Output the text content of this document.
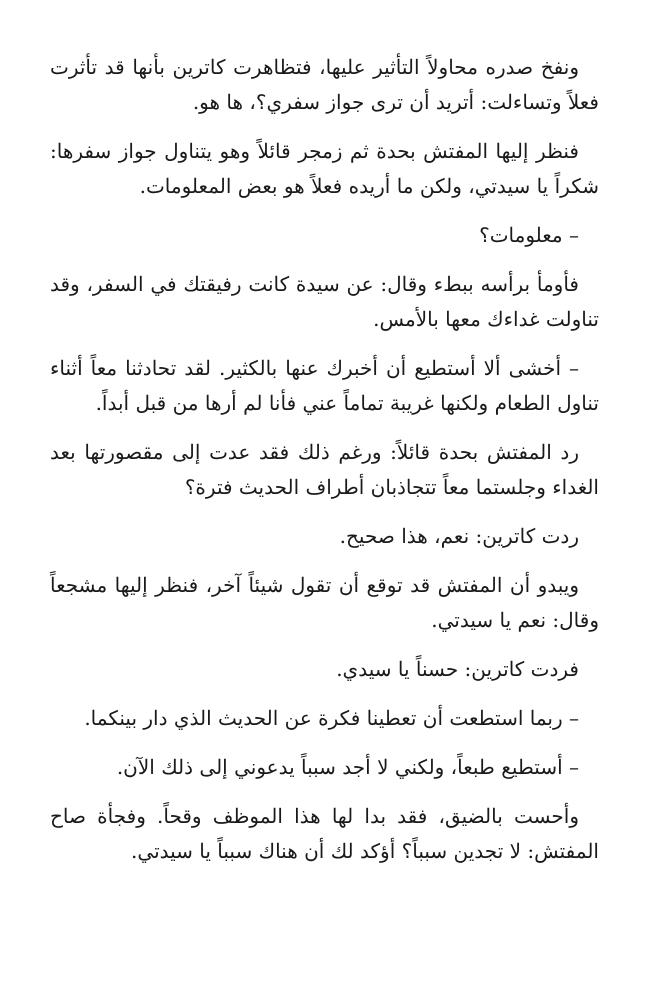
ونفخ صدره محاولاً التأثير عليها، فتظاهرت كاترين بأنها قد تأثرت فعلاً وتساءلت: أتريد أن ترى جواز سفري؟، ها هو.

فنظر إليها المفتش بحدة ثم زمجر قائلاً وهو يتناول جواز سفرها: شكراً يا سيدتي، ولكن ما أريده فعلاً هو بعض المعلومات.

– معلومات؟

فأومأ برأسه ببطء وقال: عن سيدة كانت رفيقتك في السفر، وقد تناولت غداءك معها بالأمس.

– أخشى ألا أستطيع أن أخبرك عنها بالكثير. لقد تحادثنا معاً أثناء تناول الطعام ولكنها غريبة تماماً عني فأنا لم أرها من قبل أبداً.

رد المفتش بحدة قائلاً: ورغم ذلك فقد عدت إلى مقصورتها بعد الغداء وجلستما معاً تتجاذبان أطراف الحديث فترة؟

ردت كاترين: نعم، هذا صحيح.

ويبدو أن المفتش قد توقع أن تقول شيئاً آخر، فنظر إليها مشجعاً وقال: نعم يا سيدتي.

فردت كاترين: حسناً يا سيدي.

– ربما استطعت أن تعطينا فكرة عن الحديث الذي دار بينكما.

– أستطيع طبعاً، ولكني لا أجد سبباً يدعوني إلى ذلك الآن.

وأحست بالضيق، فقد بدا لها هذا الموظف وقحاً. وفجأة صاح المفتش: لا تجدين سبباً؟ أؤكد لك أن هناك سبباً يا سيدتي.
